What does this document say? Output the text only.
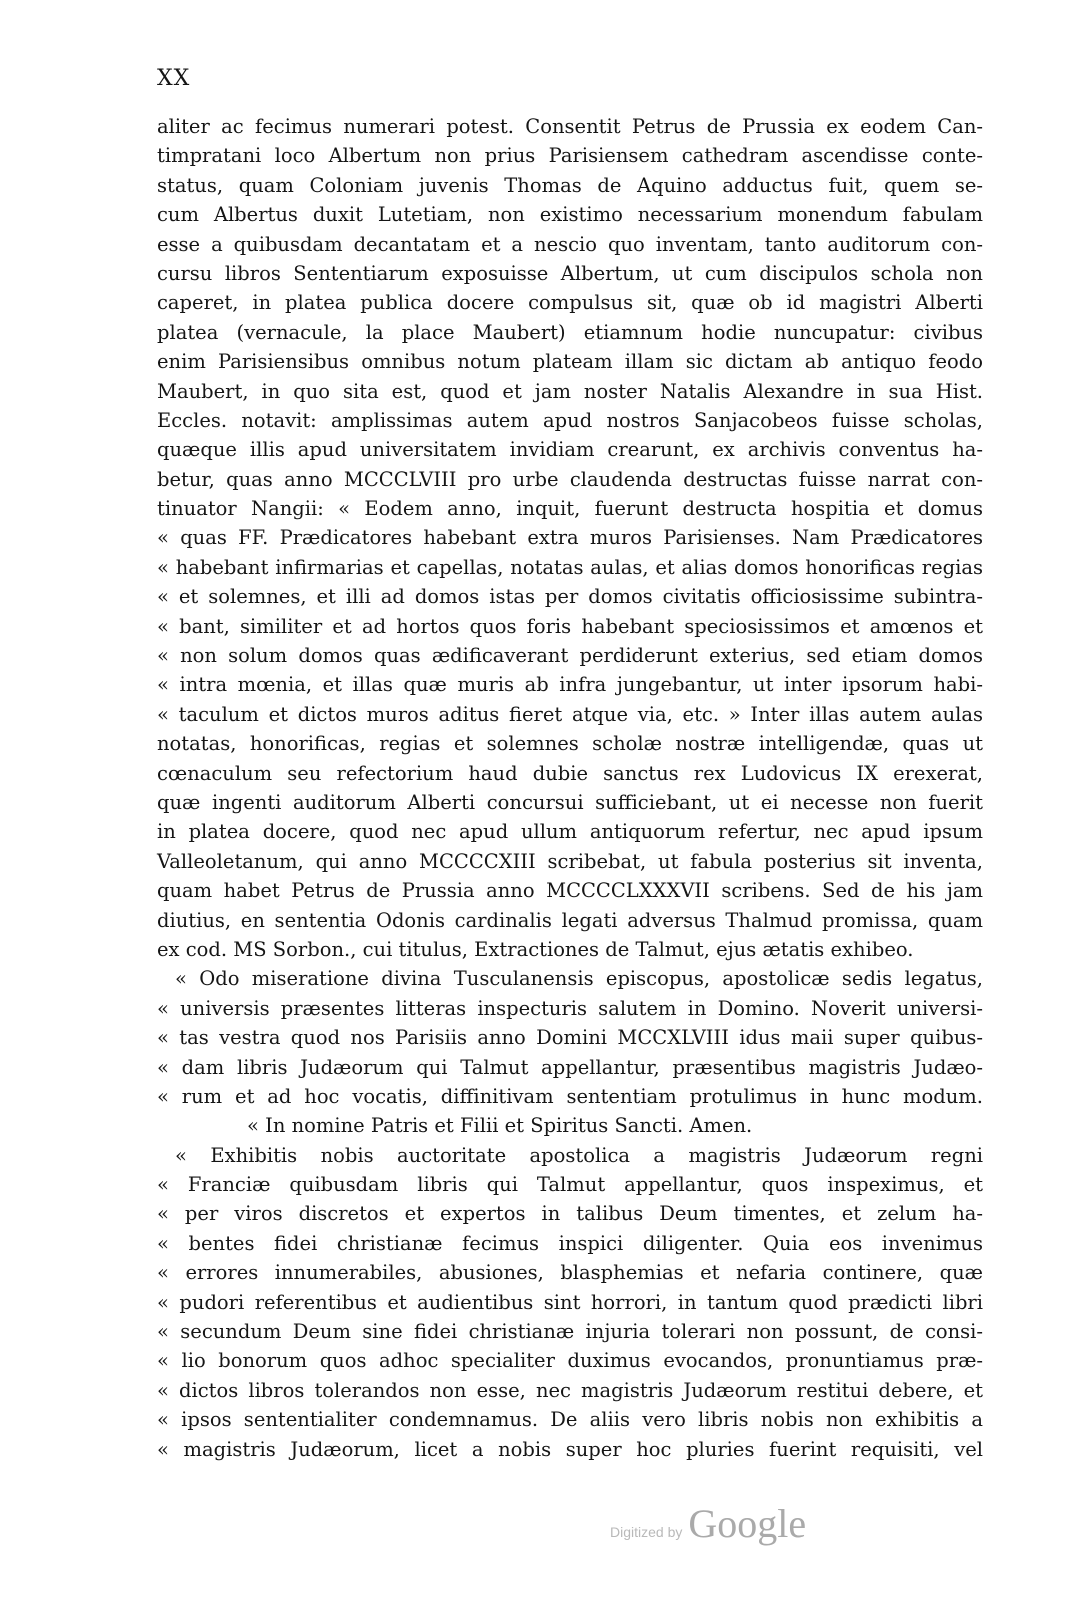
XX
aliter ac fecimus numerari potest. Consentit Petrus de Prussia ex eodem Can-
timpratani loco Albertum non prius Parisiensem cathedram ascendisse conte-
status, quam Coloniam juvenis Thomas de Aquino adductus fuit, quem se-
cum Albertus duxit Lutetiam, non existimo necessarium monendum fabulam
esse a quibusdam decantatam et a nescio quo inventam, tanto auditorum con-
cursu libros Sententiarum exposuisse Albertum, ut cum discipulos schola non
caperet, in platea publica docere compulsus sit, quæ ob id magistri Alberti
platea (vernacule, la place Maubert) etiamnum hodie nuncupatur: civibus
enim Parisiensibus omnibus notum plateam illam sic dictam ab antiquo feodo
Maubert, in quo sita est, quod et jam noster Natalis Alexandre in sua Hist.
Eccles. notavit: amplissimas autem apud nostros Sanjacobeos fuisse scholas,
quæque illis apud universitatem invidiam crearunt, ex archivis conventus ha-
betur, quas anno MCCCLVIII pro urbe claudenda destructas fuisse narrat con-
tinuator Nangii: « Eodem anno, inquit, fuerunt destructa hospitia et domus
« quas FF. Prædicatores habebant extra muros Parisienses. Nam Prædicatores
« habebant infirmarias et capellas, notatas aulas, et alias domos honorificas regias
« et solemnes, et illi ad domos istas per domos civitatis officiosissime subintra-
« bant, similiter et ad hortos quos foris habebant speciosissimos et amœnos et
« non solum domos quas ædificaverant perdiderunt exterius, sed etiam domos
« intra mœnia, et illas quæ muris ab infra jungebantur, ut inter ipsorum habi-
« taculum et dictos muros aditus fieret atque via, etc. » Inter illas autem aulas
notatas, honorificas, regias et solemnes scholæ nostræ intelligendæ, quas ut
cœnaculum seu refectorium haud dubie sanctus rex Ludovicus IX erexerat,
quæ ingenti auditorum Alberti concursui sufficiebant, ut ei necesse non fuerit
in platea docere, quod nec apud ullum antiquorum refertur, nec apud ipsum
Valleoletanum, qui anno MCCCCXIII scribebat, ut fabula posterius sit inventa,
quam habet Petrus de Prussia anno MCCCCLXXXVII scribens. Sed de his jam
diutius, en sententia Odonis cardinalis legati adversus Thalmud promissa, quam
ex cod. MS Sorbon., cui titulus, Extractiones de Talmut, ejus ætatis exhibeo.
« Odo miseratione divina Tusculanensis episcopus, apostolicæ sedis legatus,
« universis præsentes litteras inspecturis salutem in Domino. Noverit universi-
« tas vestra quod nos Parisiis anno Domini MCCXLVIII idus maii super quibus-
« dam libris Judæorum qui Talmut appellantur, præsentibus magistris Judæo-
« rum et ad hoc vocatis, diffinitivam sententiam protulimus in hunc modum.
« In nomine Patris et Filii et Spiritus Sancti. Amen.
« Exhibitis nobis auctoritate apostolica a magistris Judæorum regni
« Franciæ quibusdam libris qui Talmut appellantur, quos inspeximus, et
« per viros discretos et expertos in talibus Deum timentes, et zelum ha-
« bentes fidei christianæ fecimus inspici diligenter. Quia eos invenimus
« errores innumerabiles, abusiones, blasphemias et nefaria continere, quæ
« pudori referentibus et audientibus sint horrori, in tantum quod prædicti libri
« secundum Deum sine fidei christianæ injuria tolerari non possunt, de consi-
« lio bonorum quos adhoc specialiter duximus evocandos, pronuntiamus præ-
« dictos libros tolerandos non esse, nec magistris Judæorum restitui debere, et
« ipsos sententialiter condemnamus. De aliis vero libris nobis non exhibitis a
« magistris Judæorum, licet a nobis super hoc pluries fuerint requisiti, vel
Digitized by Google
